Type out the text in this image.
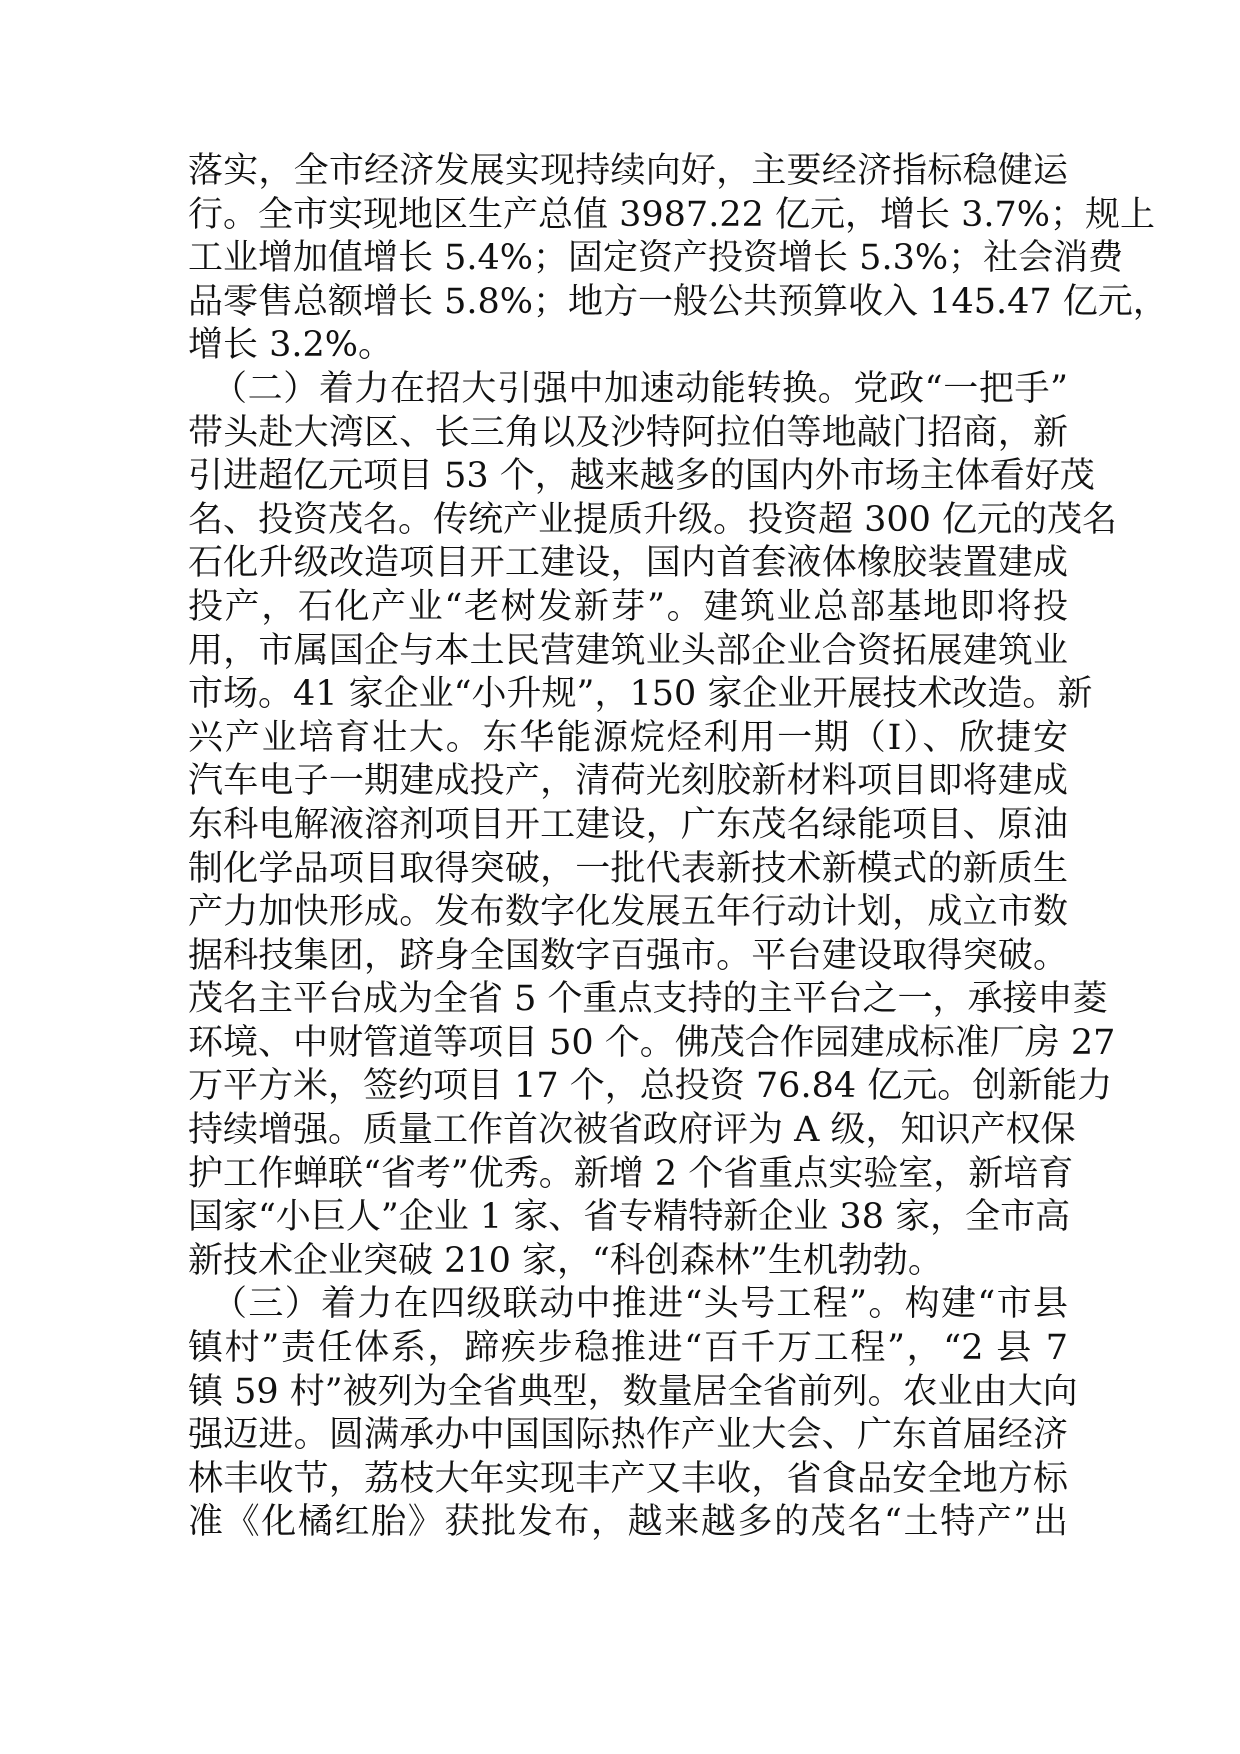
落实，全市经济发展实现持续向好，主要经济指标稳健运
行。全市实现地区生产总值 3987.22 亿元，增长 3.7%；规上
工业增加值增长 5.4%；固定资产投资增长 5.3%；社会消费
品零售总额增长 5.8%；地方一般公共预算收入 145.47 亿元，
增长 3.2%。
（二）着力在招大引强中加速动能转换。党政“一把手”
带头赴大湾区、长三角以及沙特阿拉伯等地敲门招商，新
引进超亿元项目 53 个，越来越多的国内外市场主体看好茂
名、投资茂名。传统产业提质升级。投资超 300 亿元的茂名
石化升级改造项目开工建设，国内首套液体橡胶装置建成
投产，石化产业“老树发新芽”。建筑业总部基地即将投
用，市属国企与本土民营建筑业头部企业合资拓展建筑业
市场。41 家企业“小升规”，150 家企业开展技术改造。新
兴产业培育壮大。东华能源烷烃利用一期（Ⅰ）、欣捷安
汽车电子一期建成投产，清荷光刻胶新材料项目即将建成
东科电解液溶剂项目开工建设，广东茂名绿能项目、原油
制化学品项目取得突破，一批代表新技术新模式的新质生
产力加快形成。发布数字化发展五年行动计划，成立市数
据科技集团，跻身全国数字百强市。平台建设取得突破。
茂名主平台成为全省 5 个重点支持的主平台之一，承接申菱
环境、中财管道等项目 50 个。佛茂合作园建成标准厂房 27
万平方米，签约项目 17 个，总投资 76.84 亿元。创新能力
持续增强。质量工作首次被省政府评为 A 级，知识产权保
护工作蝉联“省考”优秀。新增 2 个省重点实验室，新培育
国家“小巨人”企业 1 家、省专精特新企业 38 家，全市高
新技术企业突破 210 家，“科创森林”生机勃勃。
（三）着力在四级联动中推进“头号工程”。构建“市县
镇村”责任体系，蹄疾步稳推进“百千万工程”，“2 县 7
镇 59 村”被列为全省典型，数量居全省前列。农业由大向
强迈进。圆满承办中国国际热作产业大会、广东首届经济
林丰收节，荔枝大年实现丰产又丰收，省食品安全地方标
准《化橘红胎》获批发布，越来越多的茂名“土特产”出
